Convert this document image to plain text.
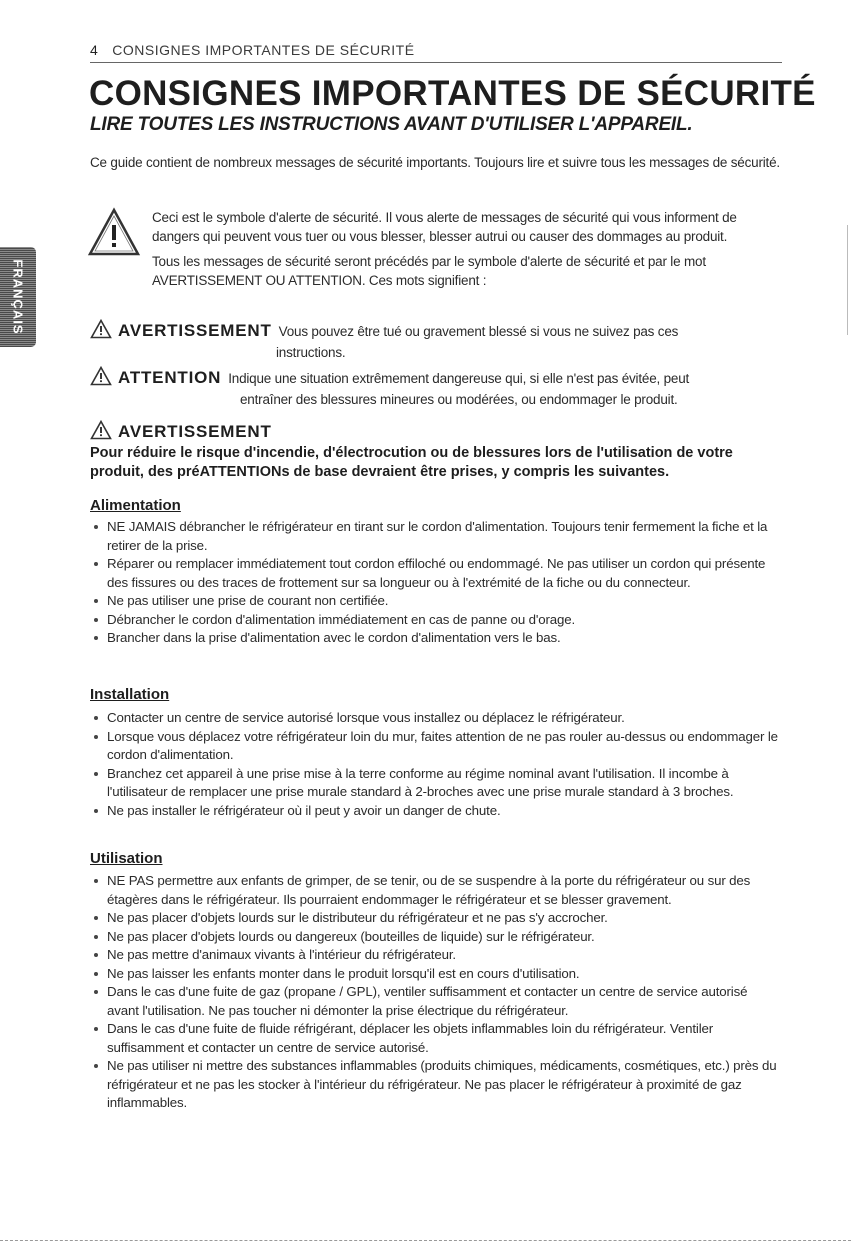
4 CONSIGNES IMPORTANTES DE SÉCURITÉ
FRANÇAIS
CONSIGNES IMPORTANTES DE SÉCURITÉ
LIRE TOUTES LES INSTRUCTIONS AVANT D'UTILISER L'APPAREIL.
Ce guide contient de nombreux messages de sécurité importants. Toujours lire et suivre tous les messages de sécurité.

Ceci est le symbole d'alerte de sécurité. Il vous alerte de messages de sécurité qui vous informent de dangers qui peuvent vous tuer ou vous blesser, blesser autrui ou causer des dommages au produit.

Tous les messages de sécurité seront précédés par le symbole d'alerte de sécurité et par le mot AVERTISSEMENT OU ATTENTION. Ces mots signifient :

AVERTISSEMENT Vous pouvez être tué ou gravement blessé si vous ne suivez pas ces
instructions.
ATTENTION Indique une situation extrêmement dangereuse qui, si elle n'est pas évitée, peut
entraîner des blessures mineures ou modérées, ou endommager le produit.
AVERTISSEMENT
Pour réduire le risque d'incendie, d'électrocution ou de blessures lors de l'utilisation de votre produit, des préATTENTIONs de base devraient être prises, y compris les suivantes.
Alimentation
NE JAMAIS débrancher le réfrigérateur en tirant sur le cordon d'alimentation. Toujours tenir fermement la fiche et la retirer de la prise.
Réparer ou remplacer immédiatement tout cordon effiloché ou endommagé. Ne pas utiliser un cordon qui présente des fissures ou des traces de frottement sur sa longueur ou à l'extrémité de la fiche ou du connecteur.
Ne pas utiliser une prise de courant non certifiée.
Débrancher le cordon d'alimentation immédiatement en cas de panne ou d'orage.
Brancher dans la prise d'alimentation avec le cordon d'alimentation vers le bas.
Installation
Contacter un centre de service autorisé lorsque vous installez ou déplacez le réfrigérateur.
Lorsque vous déplacez votre réfrigérateur loin du mur, faites attention de ne pas rouler au-dessus ou endommager le cordon d'alimentation.
Branchez cet appareil à une prise mise à la terre conforme au régime nominal avant l'utilisation. Il incombe à l'utilisateur de remplacer une prise murale standard à 2-broches avec une prise murale standard à 3 broches.
Ne pas installer le réfrigérateur où il peut y avoir un danger de chute.
Utilisation
NE PAS permettre aux enfants de grimper, de se tenir, ou de se suspendre à la porte du réfrigérateur ou sur des étagères dans le réfrigérateur. Ils pourraient endommager le réfrigérateur et se blesser gravement.
Ne pas placer d'objets lourds sur le distributeur du réfrigérateur et ne pas s'y accrocher.
Ne pas placer d'objets lourds ou dangereux (bouteilles de liquide) sur le réfrigérateur.
Ne pas mettre d'animaux vivants à l'intérieur du réfrigérateur.
Ne pas laisser les enfants monter dans le produit lorsqu'il est en cours d'utilisation.
Dans le cas d'une fuite de gaz (propane / GPL), ventiler suffisamment et contacter un centre de service autorisé avant l'utilisation. Ne pas toucher ni démonter la prise électrique du réfrigérateur.
Dans le cas d'une fuite de fluide réfrigérant, déplacer les objets inflammables loin du réfrigérateur. Ventiler suffisamment et contacter un centre de service autorisé.
Ne pas utiliser ni mettre des substances inflammables (produits chimiques, médicaments, cosmétiques, etc.) près du réfrigérateur et ne pas les stocker à l'intérieur du réfrigérateur. Ne pas placer le réfrigérateur à proximité de gaz inflammables.
